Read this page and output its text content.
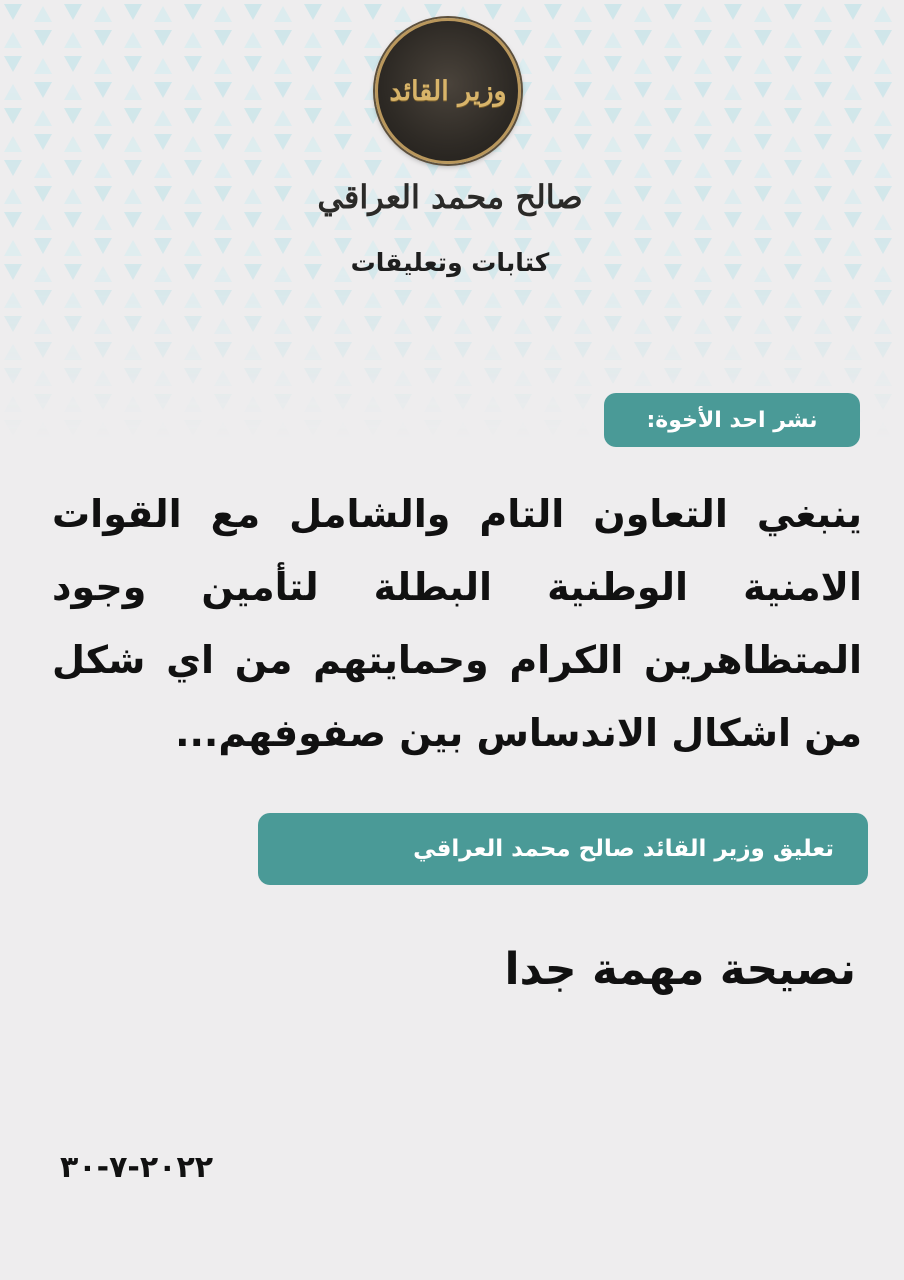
وزير القائد
صالح محمد العراقي
كتابات وتعليقات
نشر احد الأخوة:
ينبغي التعاون التام والشامل مع القوات الامنية الوطنية البطلة لتأمين وجود المتظاهرين الكرام وحمايتهم من اي شكل من اشكال الاندساس بين صفوفهم...
تعليق وزير القائد صالح محمد العراقي
نصيحة مهمة جدا
٢٠٢٢-٧-٣٠
